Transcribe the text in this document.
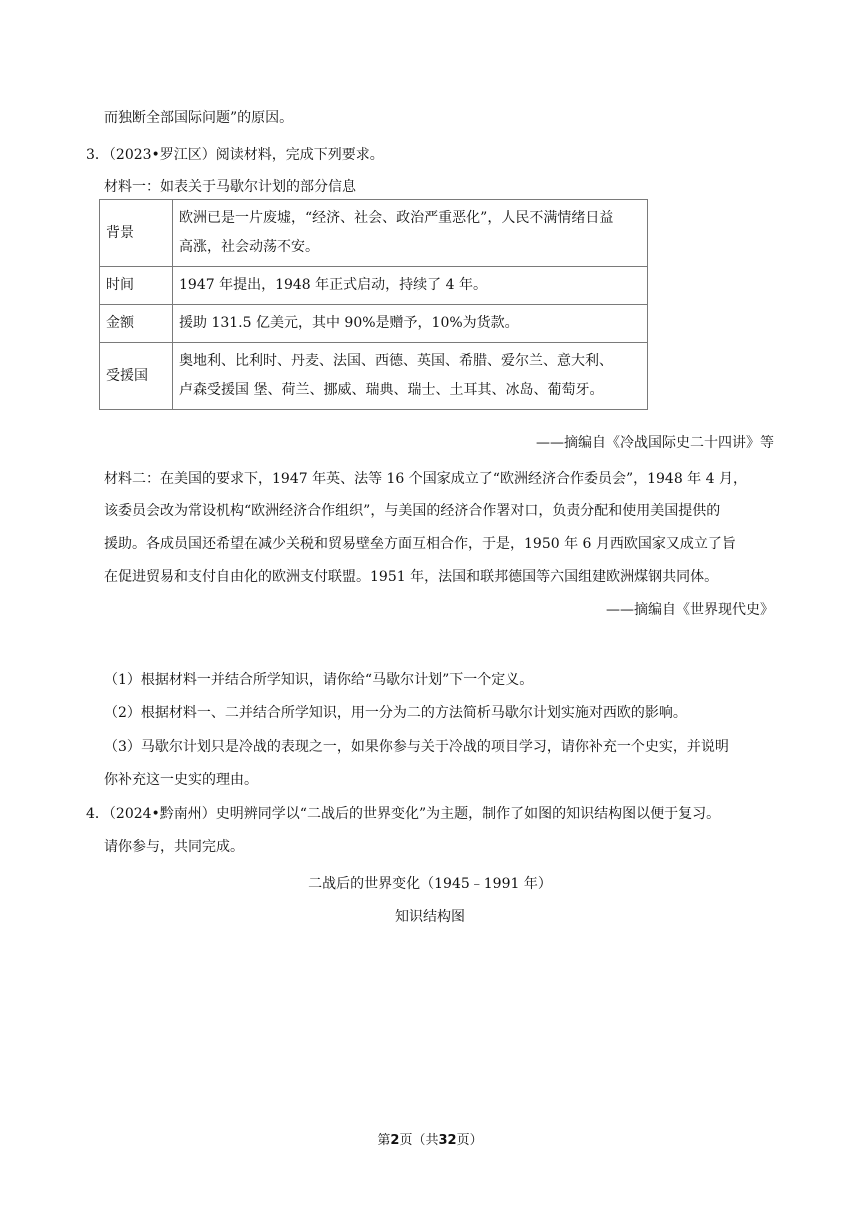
而独断全部国际问题”的原因。
3．（2023•罗江区）阅读材料，完成下列要求。
材料一：如表关于马歇尔计划的部分信息
背景	欧洲已是一片废墟，“经济、社会、政治严重恶化”，人民不满情绪日益
高涨，社会动荡不安。

时间	1947 年提出，1948 年正式启动，持续了 4 年。
金额	援助 131.5 亿美元，其中 90%是赠予，10%为货款。
受援国	奥地利、比利时、丹麦、法国、西德、英国、希腊、爱尔兰、意大利、
卢森受援国 堡、荷兰、挪威、瑞典、瑞士、土耳其、冰岛、葡萄牙。
——摘编自《冷战国际史二十四讲》等
材料二：在美国的要求下，1947 年英、法等 16 个国家成立了“欧洲经济合作委员会”，1948 年 4 月，
该委员会改为常设机构“欧洲经济合作组织”，与美国的经济合作署对口，负责分配和使用美国提供的
援助。各成员国还希望在减少关税和贸易壁垒方面互相合作，于是，1950 年 6 月西欧国家又成立了旨
在促进贸易和支付自由化的欧洲支付联盟。1951 年，法国和联邦德国等六国组建欧洲煤钢共同体。
——摘编自《世界现代史》
（1）根据材料一并结合所学知识，请你给“马歇尔计划”下一个定义。
（2）根据材料一、二并结合所学知识，用一分为二的方法简析马歇尔计划实施对西欧的影响。
（3）马歇尔计划只是冷战的表现之一，如果你参与关于冷战的项目学习，请你补充一个史实，并说明
你补充这一史实的理由。
4．（2024•黔南州）史明辨同学以“二战后的世界变化”为主题，制作了如图的知识结构图以便于复习。
请你参与，共同完成。
二战后的世界变化（1945﹣1991 年）
知识结构图
第2页（共32页）
